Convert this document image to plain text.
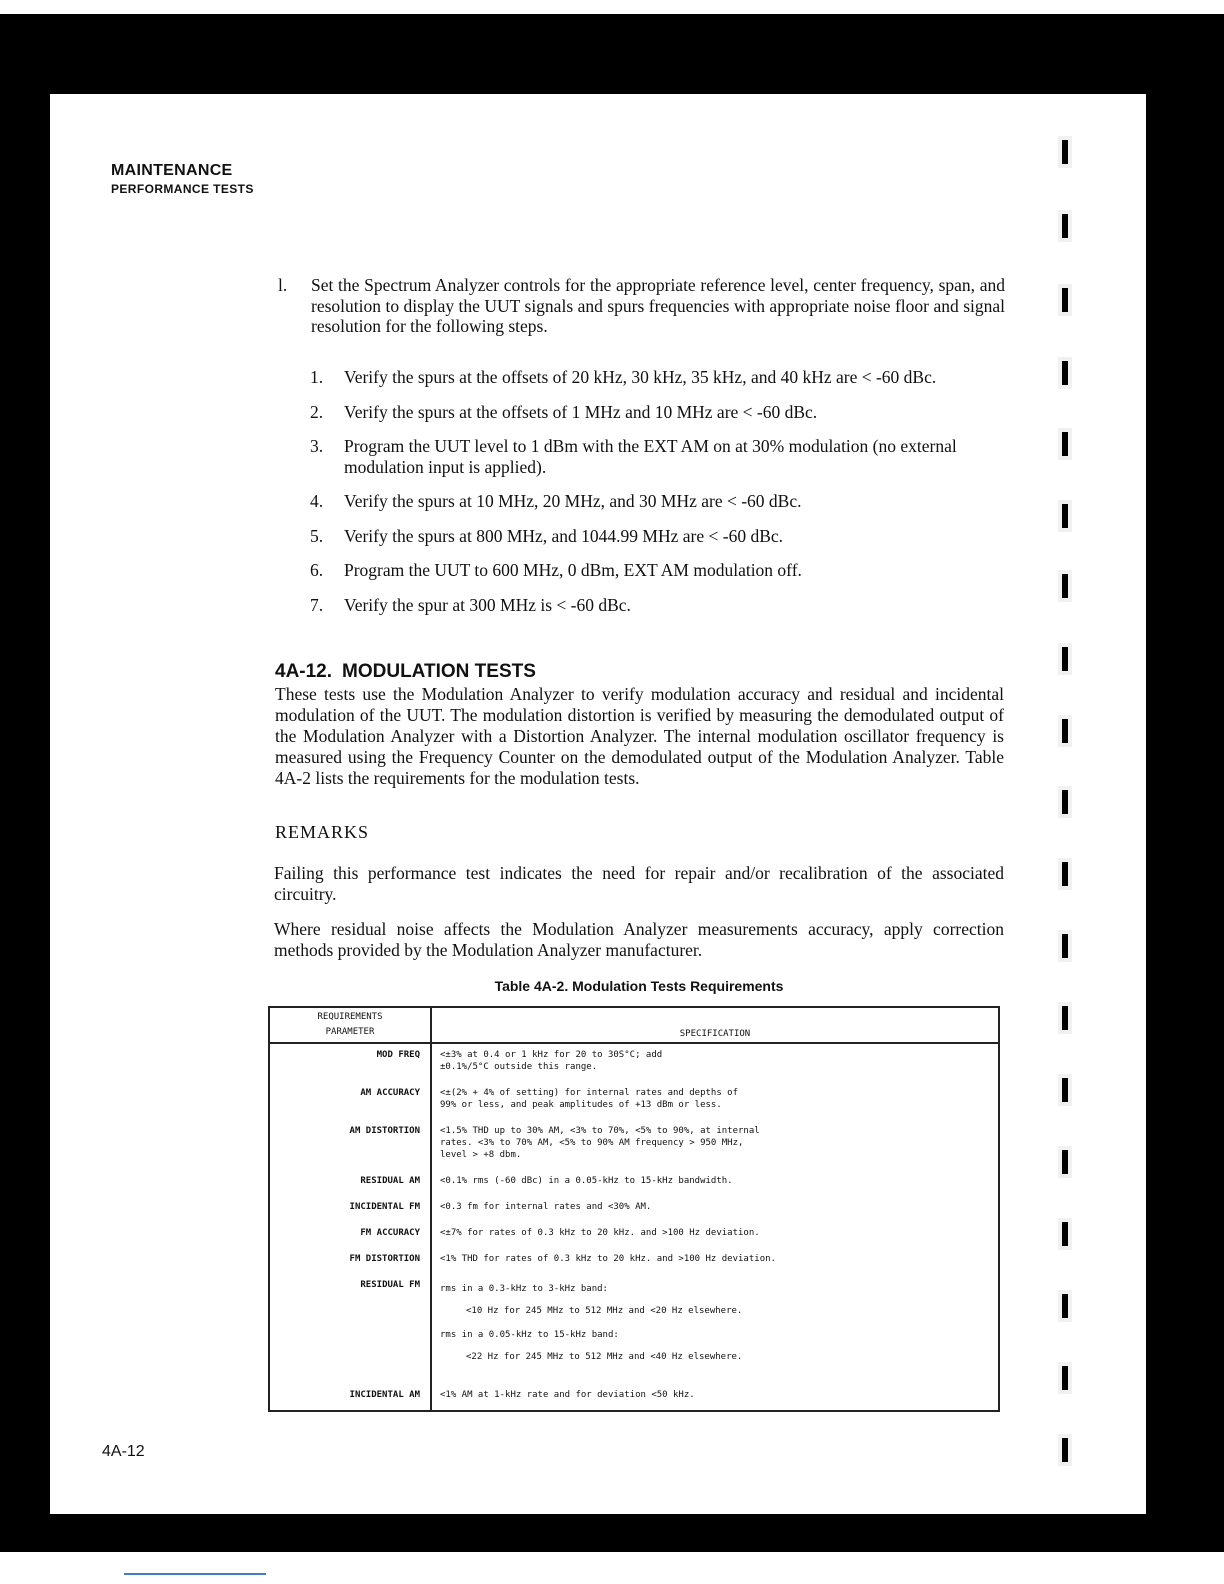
MAINTENANCE
PERFORMANCE TESTS
l. Set the Spectrum Analyzer controls for the appropriate reference level, center frequency, span, and resolution to display the UUT signals and spurs frequencies with appropriate noise floor and signal resolution for the following steps.
1. Verify the spurs at the offsets of 20 kHz, 30 kHz, 35 kHz, and 40 kHz are < -60 dBc.
2. Verify the spurs at the offsets of 1 MHz and 10 MHz are < -60 dBc.
3. Program the UUT level to 1 dBm with the EXT AM on at 30% modulation (no external modulation input is applied).
4. Verify the spurs at 10 MHz, 20 MHz, and 30 MHz are < -60 dBc.
5. Verify the spurs at 800 MHz, and 1044.99 MHz are < -60 dBc.
6. Program the UUT to 600 MHz, 0 dBm, EXT AM modulation off.
7. Verify the spur at 300 MHz is < -60 dBc.
4A-12. MODULATION TESTS

These tests use the Modulation Analyzer to verify modulation accuracy and residual and incidental modulation of the UUT. The modulation distortion is verified by measuring the demodulated output of the Modulation Analyzer with a Distortion Analyzer. The internal modulation oscillator frequency is measured using the Frequency Counter on the demodulated output of the Modulation Analyzer. Table 4A-2 lists the requirements for the modulation tests.

REMARKS

Failing this performance test indicates the need for repair and/or recalibration of the associated circuitry.

Where residual noise affects the Modulation Analyzer measurements accuracy, apply correction methods provided by the Modulation Analyzer manufacturer.

Table 4A-2. Modulation Tests Requirements
REQUIREMENTS
PARAMETER	SPECIFICATION
MOD FREQ	<±3% at 0.4 or 1 kHz for 20 to 30S°C; add
±0.1%/5°C outside this range.
AM ACCURACY	<±(2% + 4% of setting) for internal rates and depths of
99% or less, and peak amplitudes of +13 dBm or less.
AM DISTORTION	<1.5% THD up to 30% AM, <3% to 70%, <5% to 90%, at internal
rates. <3% to 70% AM, <5% to 90% AM frequency > 950 MHz,
level > +8 dbm.
RESIDUAL AM	<0.1% rms (-60 dBc) in a 0.05-kHz to 15-kHz bandwidth.
INCIDENTAL FM	<0.3 fm for internal rates and <30% AM.
FM ACCURACY	<±7% for rates of 0.3 kHz to 20 kHz. and >100 Hz deviation.
FM DISTORTION	<1% THD for rates of 0.3 kHz to 20 kHz. and >100 Hz deviation.
RESIDUAL FM	rms in a 0.3-kHz to 3-kHz band:
<10 Hz for 245 MHz to 512 MHz and <20 Hz elsewhere.
rms in a 0.05-kHz to 15-kHz band:
<22 Hz for 245 MHz to 512 MHz and <40 Hz elsewhere.

INCIDENTAL AM	<1% AM at 1-kHz rate and for deviation <50 kHz.
4A-12
